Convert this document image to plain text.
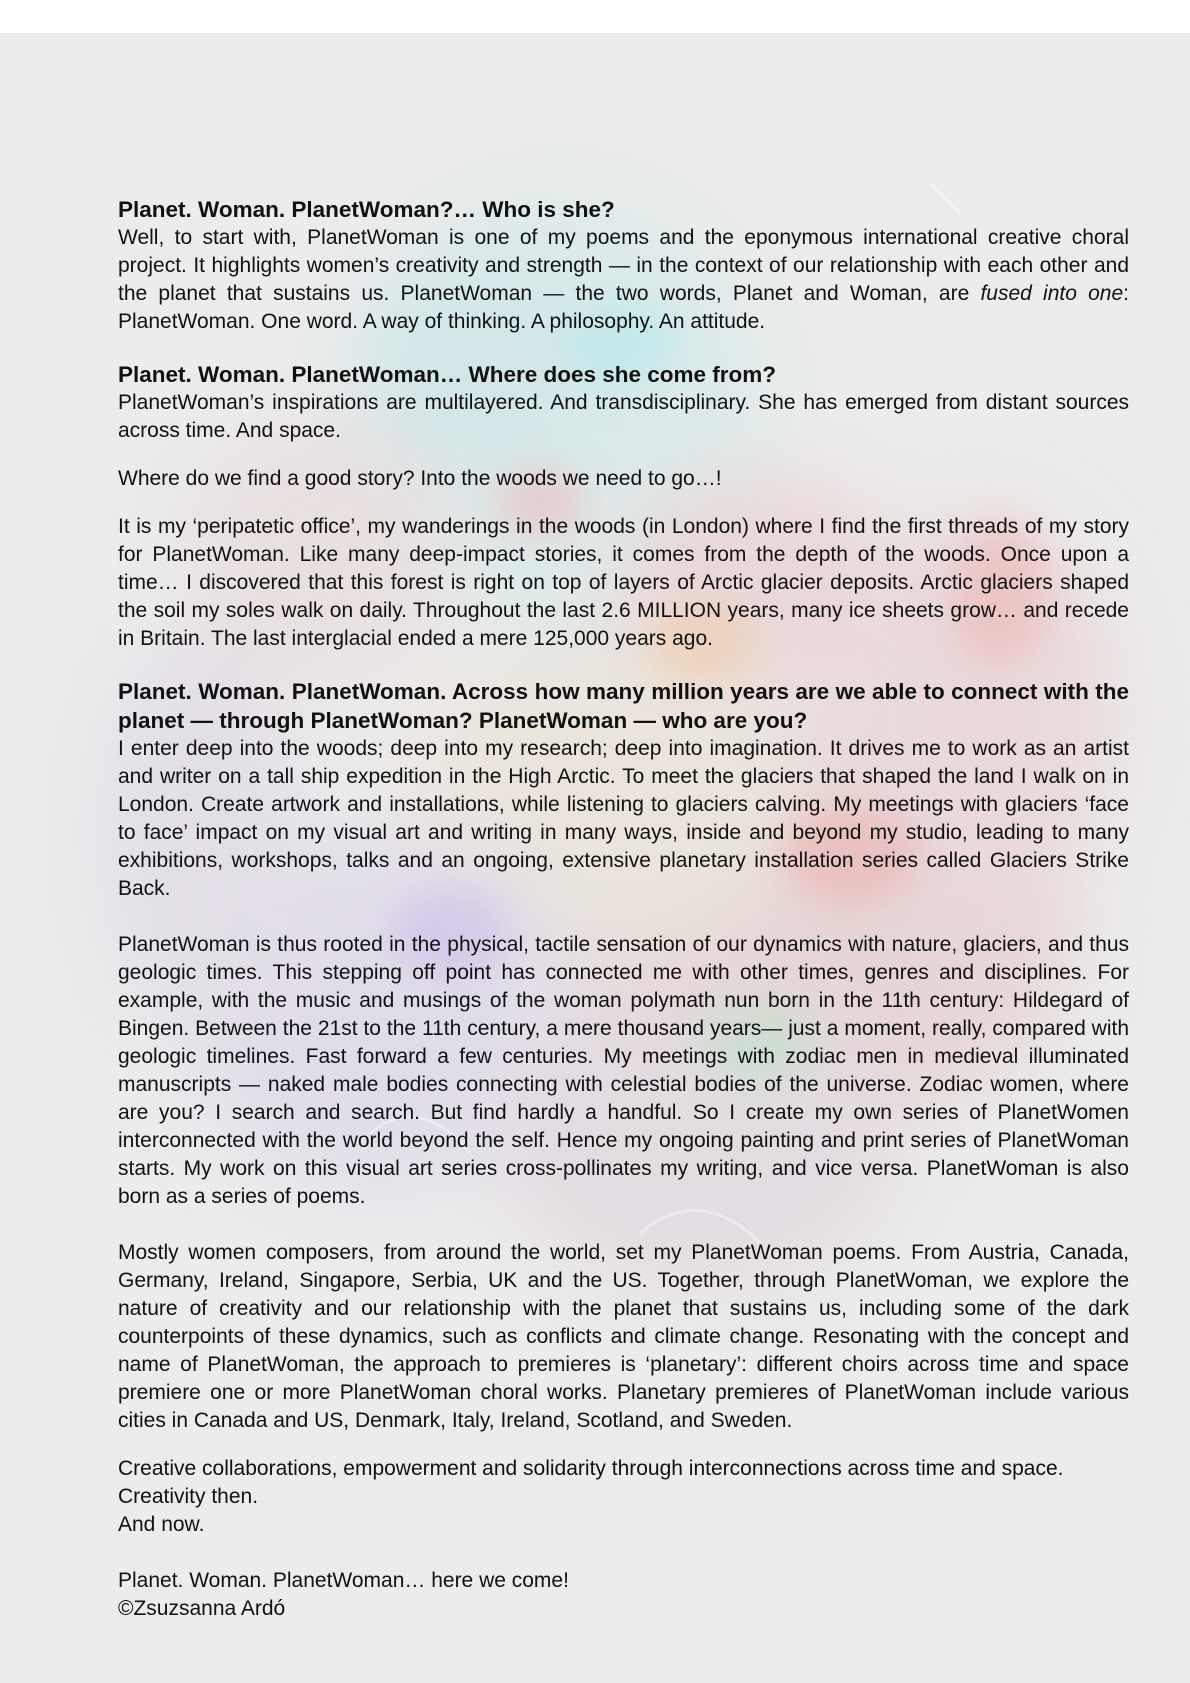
Planet. Woman. PlanetWoman?… Who is she?

Well, to start with, PlanetWoman is one of my poems and the eponymous international creative choral project. It highlights women’s creativity and strength — in the context of our relationship with each other and the planet that sustains us. PlanetWoman — the two words, Planet and Woman, are fused into one: PlanetWoman. One word. A way of thinking. A philosophy. An attitude.

Planet. Woman. PlanetWoman… Where does she come from?

PlanetWoman’s inspirations are multilayered. And transdisciplinary. She has emerged from distant sources across time. And space.

Where do we find a good story? Into the woods we need to go…!

It is my ‘peripatetic office’, my wanderings in the woods (in London) where I find the first threads of my story for PlanetWoman. Like many deep-impact stories, it comes from the depth of the woods. Once upon a time… I discovered that this forest is right on top of layers of Arctic glacier deposits. Arctic glaciers shaped the soil my soles walk on daily. Throughout the last 2.6 MILLION years, many ice sheets grow… and recede in Britain. The last interglacial ended a mere 125,000 years ago.

Planet. Woman. PlanetWoman. Across how many million years are we able to connect with the planet — through PlanetWoman? PlanetWoman — who are you?

I enter deep into the woods; deep into my research; deep into imagination. It drives me to work as an artist and writer on a tall ship expedition in the High Arctic. To meet the glaciers that shaped the land I walk on in London. Create artwork and installations, while listening to glaciers calving. My meetings with glaciers ‘face to face’ impact on my visual art and writing in many ways, inside and beyond my studio, leading to many exhibitions, workshops, talks and an ongoing, extensive planetary installation series called Glaciers Strike Back.

PlanetWoman is thus rooted in the physical, tactile sensation of our dynamics with nature, glaciers, and thus geologic times. This stepping off point has connected me with other times, genres and disciplines. For example, with the music and musings of the woman polymath nun born in the 11th century: Hildegard of Bingen. Between the 21st to the 11th century, a mere thousand years— just a moment, really, compared with geologic timelines. Fast forward a few centuries. My meetings with zodiac men in medieval illuminated manuscripts — naked male bodies connecting with celestial bodies of the universe. Zodiac women, where are you? I search and search. But find hardly a handful. So I create my own series of PlanetWomen interconnected with the world beyond the self. Hence my ongoing painting and print series of PlanetWoman starts. My work on this visual art series cross-pollinates my writing, and vice versa. PlanetWoman is also born as a series of poems.

Mostly women composers, from around the world, set my PlanetWoman poems. From Austria, Canada, Germany, Ireland, Singapore, Serbia, UK and the US. Together, through PlanetWoman, we explore the nature of creativity and our relationship with the planet that sustains us, including some of the dark counterpoints of these dynamics, such as conflicts and climate change. Resonating with the concept and name of PlanetWoman, the approach to premieres is ‘planetary’: different choirs across time and space premiere one or more PlanetWoman choral works. Planetary premieres of PlanetWoman include various cities in Canada and US, Denmark, Italy, Ireland, Scotland, and Sweden.

Creative collaborations, empowerment and solidarity through interconnections across time and space.
Creativity then.
And now.

Planet. Woman. PlanetWoman… here we come!

©Zsuzsanna Ardó
